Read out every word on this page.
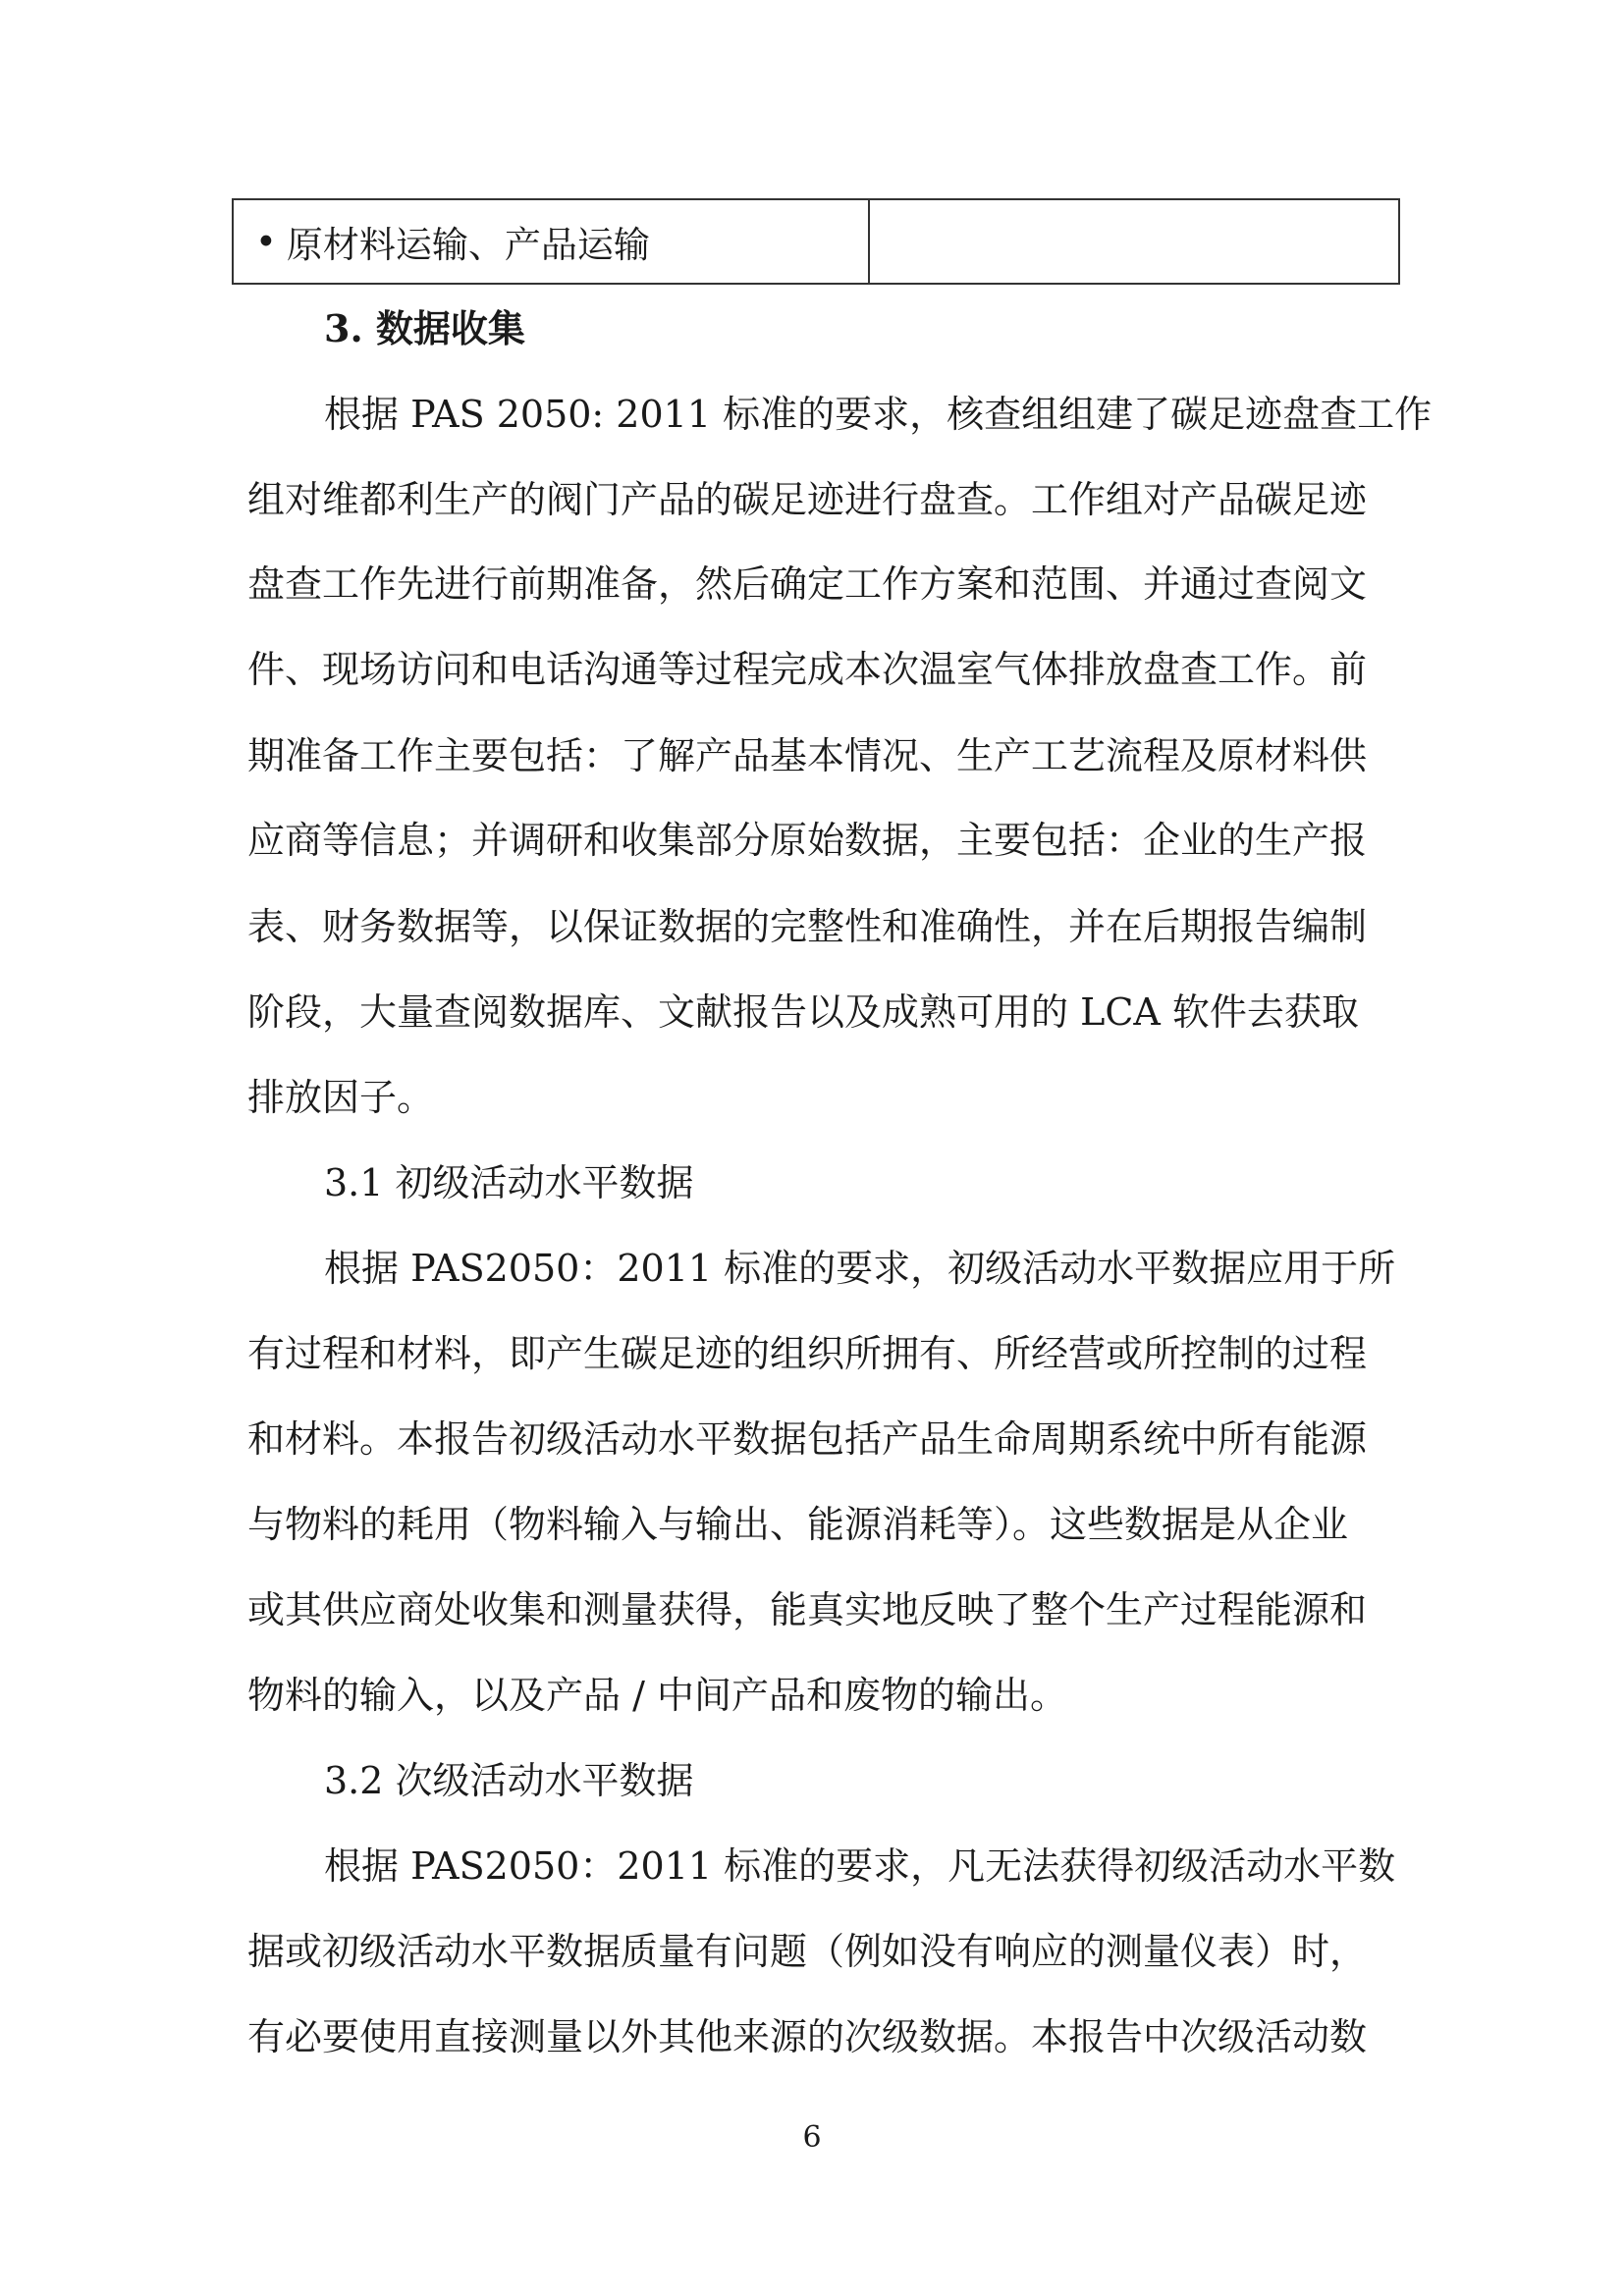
• 原材料运输、产品运输
3. 数据收集
根据 PAS 2050: 2011 标准的要求，核查组组建了碳足迹盘查工作
组对维都利生产的阀门产品的碳足迹进行盘查。工作组对产品碳足迹
盘查工作先进行前期准备，然后确定工作方案和范围、并通过查阅文
件、现场访问和电话沟通等过程完成本次温室气体排放盘查工作。前
期准备工作主要包括：了解产品基本情况、生产工艺流程及原材料供
应商等信息；并调研和收集部分原始数据，主要包括：企业的生产报
表、财务数据等，以保证数据的完整性和准确性，并在后期报告编制
阶段，大量查阅数据库、文献报告以及成熟可用的 LCA 软件去获取
排放因子。
3.1 初级活动水平数据
根据 PAS2050：2011 标准的要求，初级活动水平数据应用于所
有过程和材料，即产生碳足迹的组织所拥有、所经营或所控制的过程
和材料。本报告初级活动水平数据包括产品生命周期系统中所有能源
与物料的耗用（物料输入与输出、能源消耗等）。这些数据是从企业
或其供应商处收集和测量获得，能真实地反映了整个生产过程能源和
物料的输入，以及产品 / 中间产品和废物的输出。
3.2 次级活动水平数据
根据 PAS2050：2011 标准的要求，凡无法获得初级活动水平数
据或初级活动水平数据质量有问题（例如没有响应的测量仪表）时，
有必要使用直接测量以外其他来源的次级数据。本报告中次级活动数
6
